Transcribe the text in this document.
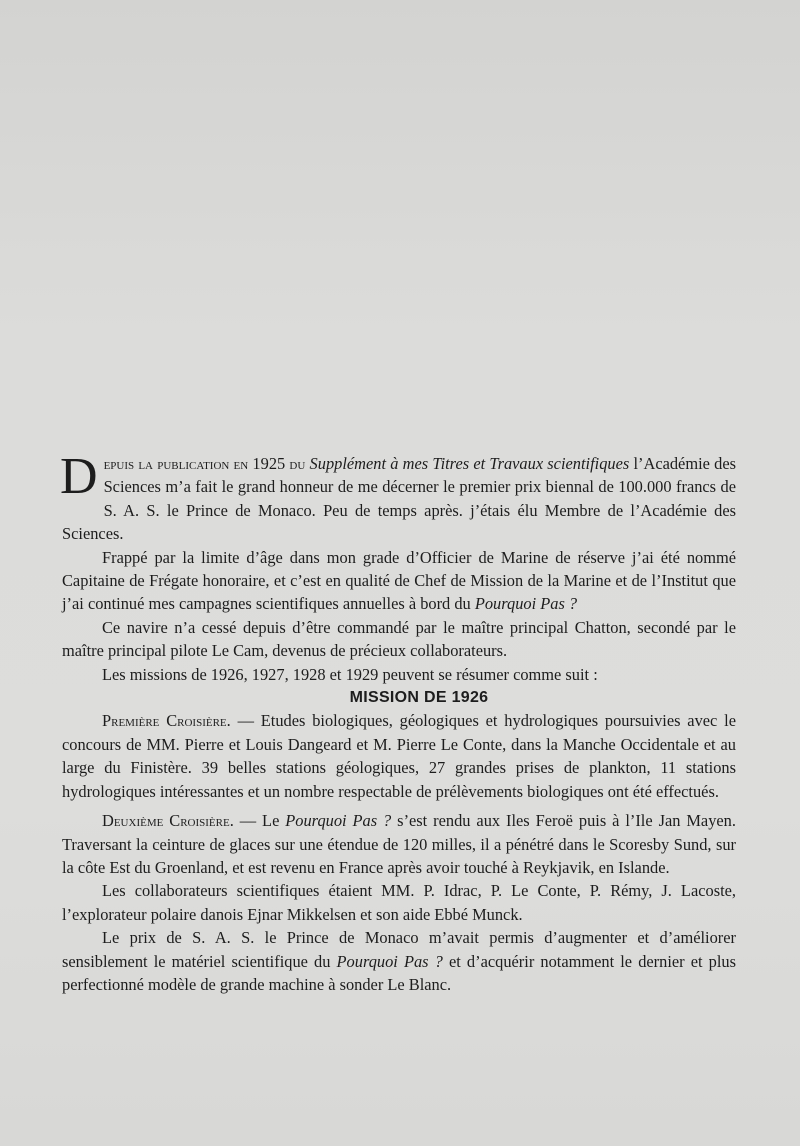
Depuis la publication en 1925 du Supplément à mes Titres et Travaux scientifiques l’Académie des Sciences m’a fait le grand honneur de me décerner le premier prix biennal de 100.000 francs de S. A. S. le Prince de Monaco. Peu de temps après. j’étais élu Membre de l’Académie des Sciences.

Frappé par la limite d’âge dans mon grade d’Officier de Marine de réserve j’ai été nommé Capitaine de Frégate honoraire, et c’est en qualité de Chef de Mission de la Marine et de l’Institut que j’ai continué mes campagnes scientifiques annuelles à bord du Pourquoi Pas ?

Ce navire n’a cessé depuis d’être commandé par le maître principal Chatton, secondé par le maître principal pilote Le Cam, devenus de précieux collaborateurs.

Les missions de 1926, 1927, 1928 et 1929 peuvent se résumer comme suit :

MISSION DE 1926

Première Croisière. — Etudes biologiques, géologiques et hydrologiques poursuivies avec le concours de MM. Pierre et Louis Dangeard et M. Pierre Le Conte, dans la Manche Occidentale et au large du Finistère. 39 belles stations géologiques, 27 grandes prises de plankton, 11 stations hydrologiques intéressantes et un nombre respectable de prélèvements biologiques ont été effectués.

Deuxième Croisière. — Le Pourquoi Pas ? s’est rendu aux Iles Feroë puis à l’Ile Jan Mayen. Traversant la ceinture de glaces sur une étendue de 120 milles, il a pénétré dans le Scoresby Sund, sur la côte Est du Groenland, et est revenu en France après avoir touché à Reykjavik, en Islande.

Les collaborateurs scientifiques étaient MM. P. Idrac, P. Le Conte, P. Rémy, J. Lacoste, l’explorateur polaire danois Ejnar Mikkelsen et son aide Ebbé Munck.

Le prix de S. A. S. le Prince de Monaco m’avait permis d’augmenter et d’améliorer sensiblement le matériel scientifique du Pourquoi Pas ? et d’acquérir notamment le dernier et plus perfectionné modèle de grande machine à sonder Le Blanc.
